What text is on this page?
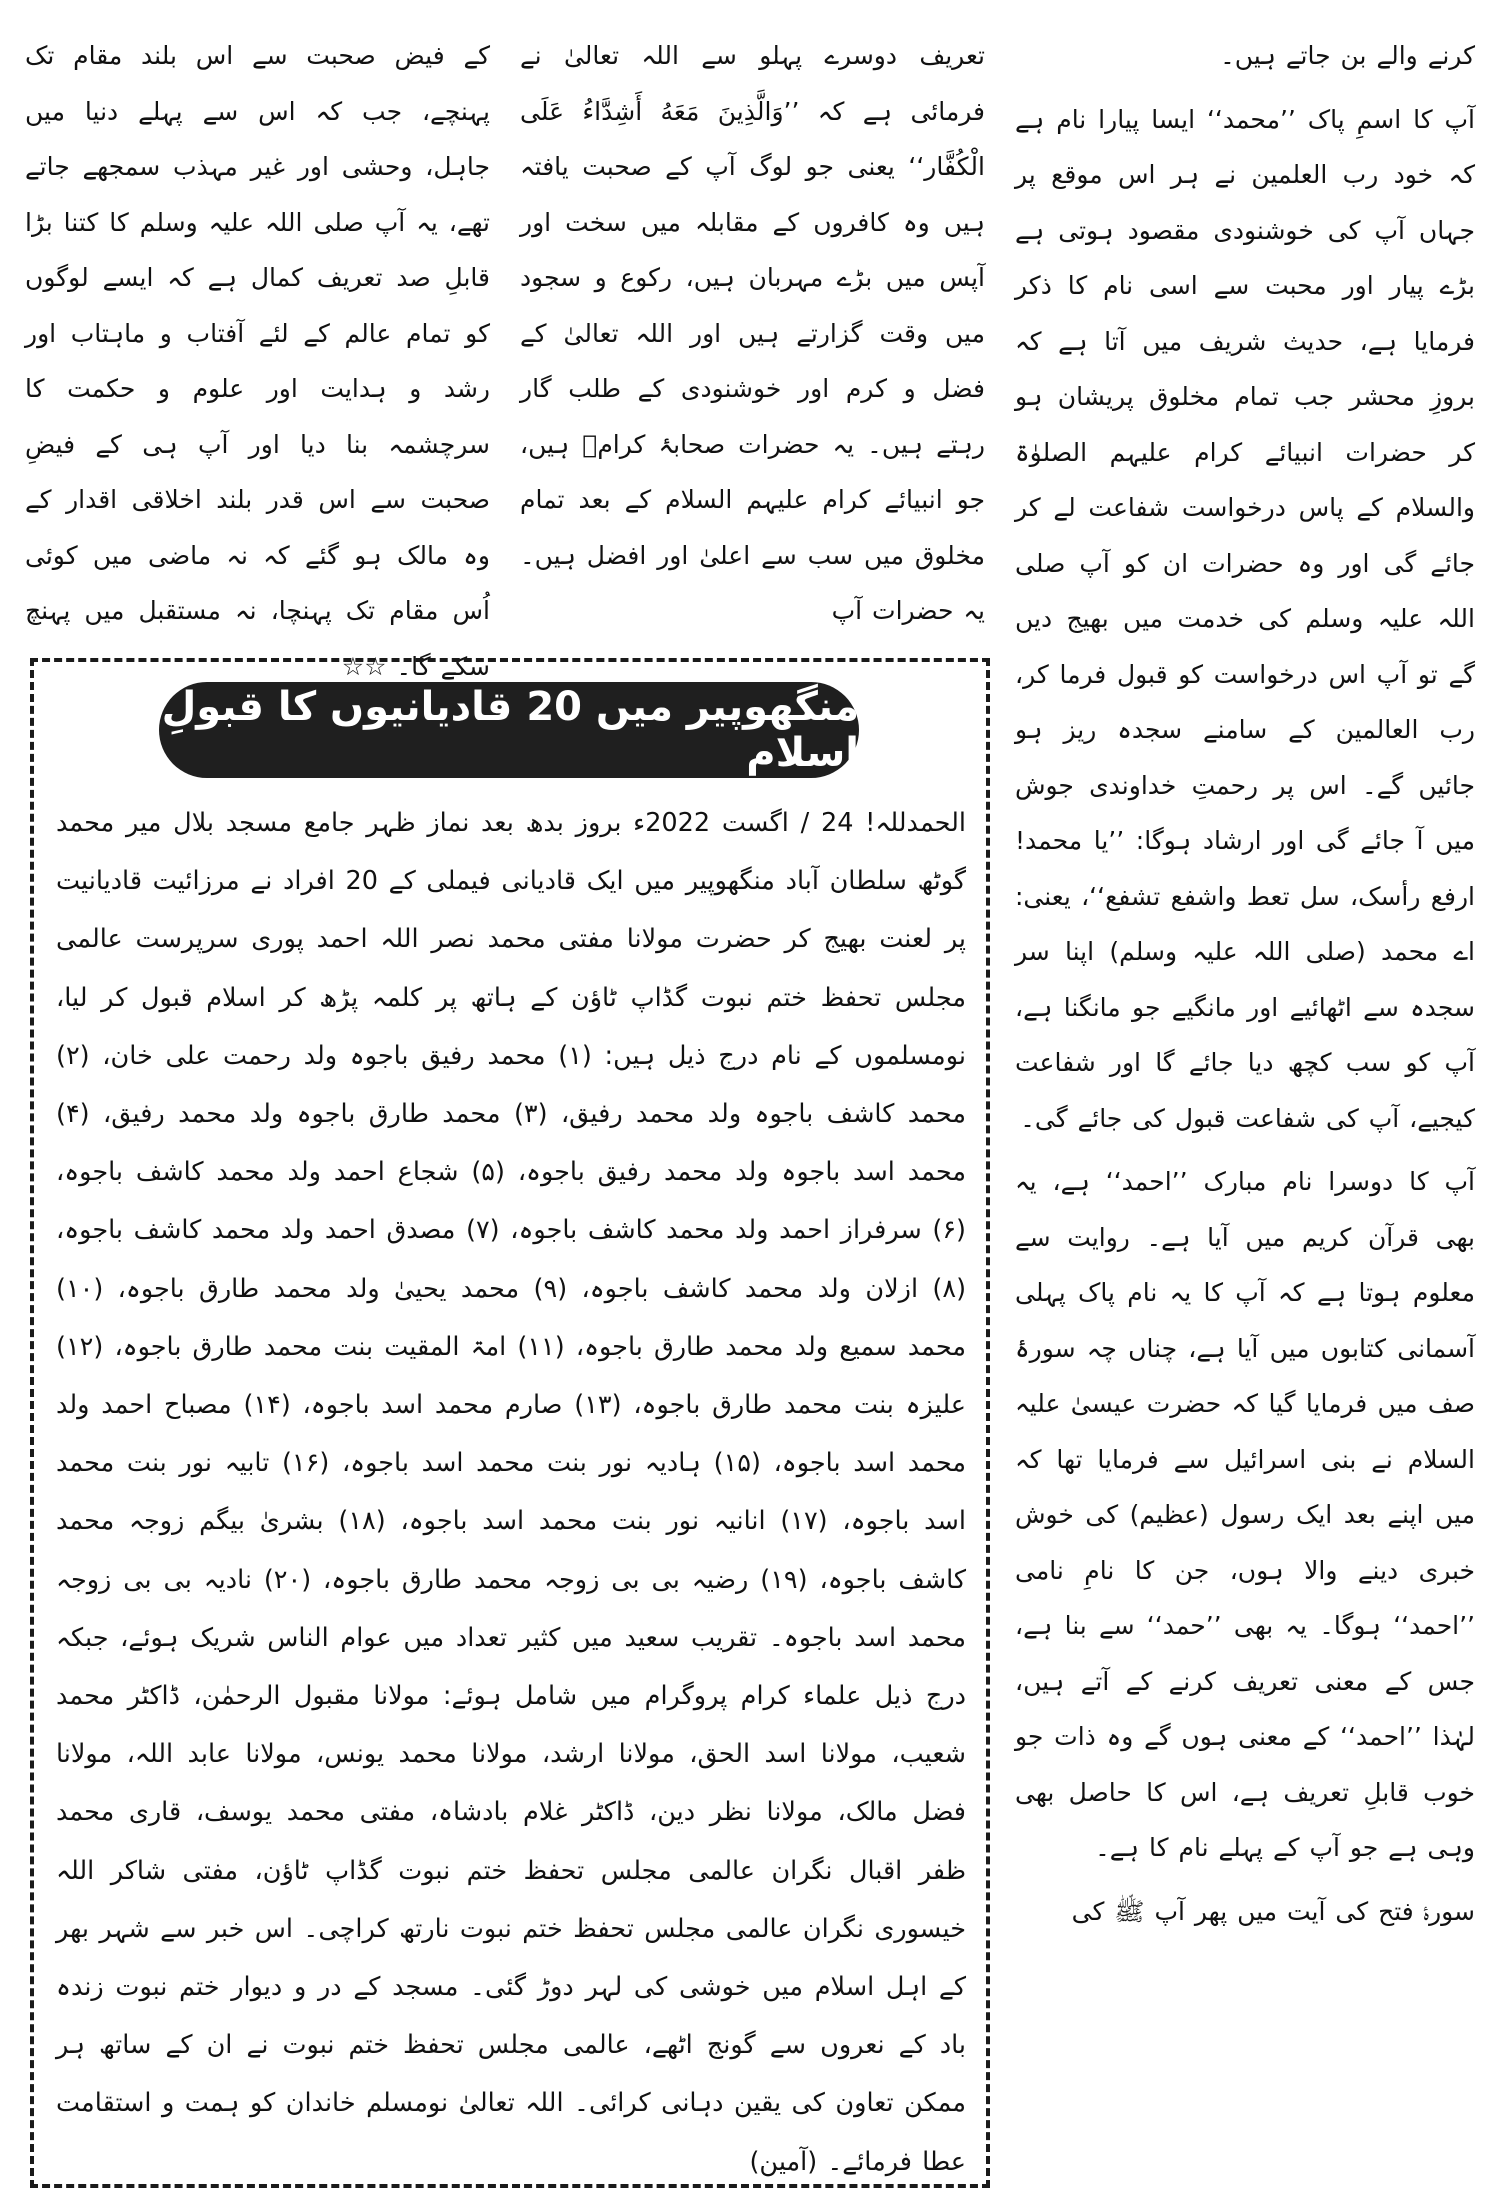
کرنے والے بن جاتے ہیں۔

آپ کا اسمِ پاک ’’محمد‘‘ ایسا پیارا نام ہے کہ خود رب العلمین نے ہر اس موقع پر جہاں آپ کی خوشنودی مقصود ہوتی ہے بڑے پیار اور محبت سے اسی نام کا ذکر فرمایا ہے، حدیث شریف میں آتا ہے کہ بروزِ محشر جب تمام مخلوق پریشان ہو کر حضرات انبیائے کرام علیہم الصلوٰۃ والسلام کے پاس درخواست شفاعت لے کر جائے گی اور وہ حضرات ان کو آپ صلی اللہ علیہ وسلم کی خدمت میں بھیج دیں گے تو آپ اس درخواست کو قبول فرما کر، رب العالمین کے سامنے سجدہ ریز ہو جائیں گے۔ اس پر رحمتِ خداوندی جوش میں آ جائے گی اور ارشاد ہوگا: ’’یا محمد! ارفع رأسک، سل تعط واشفع تشفع‘‘، یعنی: اے محمد (صلی اللہ علیہ وسلم) اپنا سر سجدہ سے اٹھائیے اور مانگیے جو مانگنا ہے، آپ کو سب کچھ دیا جائے گا اور شفاعت کیجیے، آپ کی شفاعت قبول کی جائے گی۔

آپ کا دوسرا نام مبارک ’’احمد‘‘ ہے، یہ بھی قرآن کریم میں آیا ہے۔ روایت سے معلوم ہوتا ہے کہ آپ کا یہ نام پاک پہلی آسمانی کتابوں میں آیا ہے، چناں چہ سورۂ صف میں فرمایا گیا کہ حضرت عیسیٰ علیہ السلام نے بنی اسرائیل سے فرمایا تھا کہ میں اپنے بعد ایک رسول (عظیم) کی خوش خبری دینے والا ہوں، جن کا نامِ نامی ’’احمد‘‘ ہوگا۔ یہ بھی ’’حمد‘‘ سے بنا ہے، جس کے معنی تعریف کرنے کے آتے ہیں، لہٰذا ’’احمد‘‘ کے معنی ہوں گے وہ ذات جو خوب قابلِ تعریف ہے، اس کا حاصل بھی وہی ہے جو آپ کے پہلے نام کا ہے۔

سورۂ فتح کی آیت میں پھر آپ ﷺ کی

تعریف دوسرے پہلو سے اللہ تعالیٰ نے فرمائی ہے کہ ’’وَالَّذِینَ مَعَهُ أَشِدَّاءُ عَلَى الْكُفَّار‘‘ یعنی جو لوگ آپ کے صحبت یافتہ ہیں وہ کافروں کے مقابلہ میں سخت اور آپس میں بڑے مہربان ہیں، رکوع و سجود میں وقت گزارتے ہیں اور اللہ تعالیٰ کے فضل و کرم اور خوشنودی کے طلب گار رہتے ہیں۔ یہ حضرات صحابۂ کرامؓ ہیں، جو انبیائے کرام علیہم السلام کے بعد تمام مخلوق میں سب سے اعلیٰ اور افضل ہیں۔ یہ حضرات آپ

کے فیض صحبت سے اس بلند مقام تک پہنچے، جب کہ اس سے پہلے دنیا میں جاہل، وحشی اور غیر مہذب سمجھے جاتے تھے، یہ آپ صلی اللہ علیہ وسلم کا کتنا بڑا قابلِ صد تعریف کمال ہے کہ ایسے لوگوں کو تمام عالم کے لئے آفتاب و ماہتاب اور رشد و ہدایت اور علوم و حکمت کا سرچشمہ بنا دیا اور آپ ہی کے فیضِ صحبت سے اس قدر بلند اخلاقی اقدار کے وہ مالک ہو گئے کہ نہ ماضی میں کوئی اُس مقام تک پہنچا، نہ مستقبل میں پہنچ سکے گا۔ ☆☆

منگھوپیر میں 20 قادیانیوں کا قبولِ اسلام

الحمدللہ! 24 / اگست 2022ء بروز بدھ بعد نماز ظہر جامع مسجد بلال میر محمد گوٹھ سلطان آباد منگھوپیر میں ایک قادیانی فیملی کے 20 افراد نے مرزائیت قادیانیت پر لعنت بھیج کر حضرت مولانا مفتی محمد نصر اللہ احمد پوری سرپرست عالمی مجلس تحفظ ختم نبوت گڈاپ ٹاؤن کے ہاتھ پر کلمہ پڑھ کر اسلام قبول کر لیا، نومسلموں کے نام درج ذیل ہیں: (۱) محمد رفیق باجوہ ولد رحمت علی خان، (۲) محمد کاشف باجوہ ولد محمد رفیق، (۳) محمد طارق باجوہ ولد محمد رفیق، (۴) محمد اسد باجوہ ولد محمد رفیق باجوہ، (۵) شجاع احمد ولد محمد کاشف باجوہ، (۶) سرفراز احمد ولد محمد کاشف باجوہ، (۷) مصدق احمد ولد محمد کاشف باجوہ، (۸) ازلان ولد محمد کاشف باجوہ، (۹) محمد یحییٰ ولد محمد طارق باجوہ، (۱۰) محمد سمیع ولد محمد طارق باجوہ، (۱۱) امۃ المقیت بنت محمد طارق باجوہ، (۱۲) علیزہ بنت محمد طارق باجوہ، (۱۳) صارم محمد اسد باجوہ، (۱۴) مصباح احمد ولد محمد اسد باجوہ، (۱۵) ہادیہ نور بنت محمد اسد باجوہ، (۱۶) تابیہ نور بنت محمد اسد باجوہ، (۱۷) انانیہ نور بنت محمد اسد باجوہ، (۱۸) بشریٰ بیگم زوجہ محمد کاشف باجوہ، (۱۹) رضیہ بی بی زوجہ محمد طارق باجوہ، (۲۰) نادیہ بی بی زوجہ محمد اسد باجوہ۔ تقریب سعید میں کثیر تعداد میں عوام الناس شریک ہوئے، جبکہ درج ذیل علماء کرام پروگرام میں شامل ہوئے: مولانا مقبول الرحمٰن، ڈاکٹر محمد شعیب، مولانا اسد الحق، مولانا ارشد، مولانا محمد یونس، مولانا عابد اللہ، مولانا فضل مالک، مولانا نظر دین، ڈاکٹر غلام بادشاہ، مفتی محمد یوسف، قاری محمد ظفر اقبال نگران عالمی مجلس تحفظ ختم نبوت گڈاپ ٹاؤن، مفتی شاکر اللہ خیسوری نگران عالمی مجلس تحفظ ختم نبوت نارتھ کراچی۔ اس خبر سے شہر بھر کے اہل اسلام میں خوشی کی لہر دوڑ گئی۔ مسجد کے در و دیوار ختم نبوت زندہ باد کے نعروں سے گونج اٹھے، عالمی مجلس تحفظ ختم نبوت نے ان کے ساتھ ہر ممکن تعاون کی یقین دہانی کرائی۔ اللہ تعالیٰ نومسلم خاندان کو ہمت و استقامت عطا فرمائے۔ (آمین)
